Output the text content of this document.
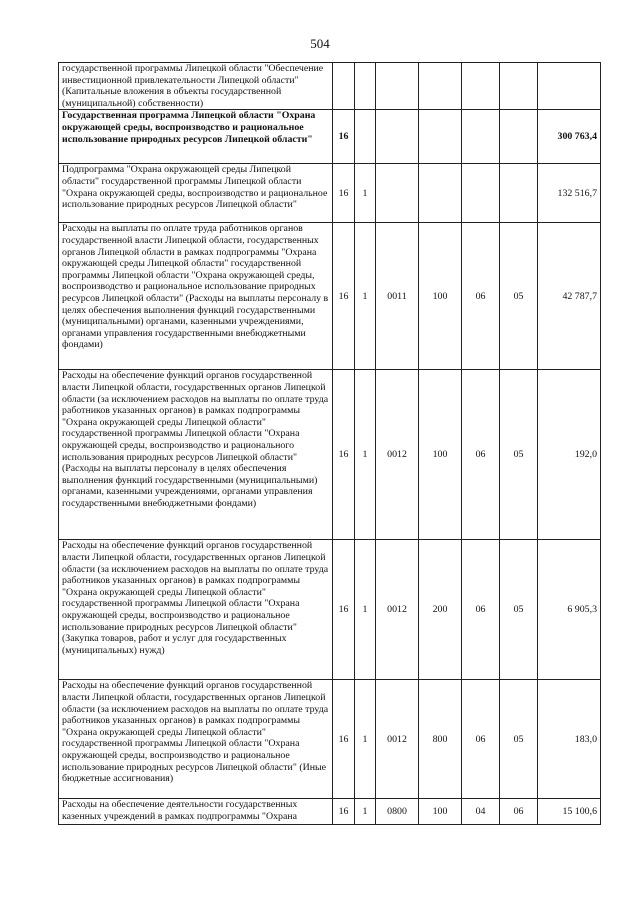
504
государственной программы Липецкой области "Обеспечение инвестиционной привлекательности Липецкой области" (Капитальные вложения в объекты государственной (муниципальной) собственности)							
Государственная программа Липецкой области "Охрана окружающей среды, воспроизводство и рациональное использование природных ресурсов Липецкой области"	16						300 763,4
Подпрограмма "Охрана окружающей среды Липецкой области" государственной программы Липецкой области "Охрана окружающей среды, воспроизводство и рациональное использование природных ресурсов Липецкой области"	16	1					132 516,7
Расходы на выплаты по оплате труда работников органов государственной власти Липецкой области, государственных органов Липецкой области в рамках подпрограммы "Охрана окружающей среды Липецкой области" государственной программы Липецкой области "Охрана окружающей среды, воспроизводство и рациональное использование природных ресурсов Липецкой области" (Расходы на выплаты персоналу в целях обеспечения выполнения функций государственными (муниципальными) органами, казенными учреждениями, органами управления государственными внебюджетными фондами)	16	1	0011	100	06	05	42 787,7
Расходы на обеспечение функций органов государственной власти Липецкой области, государственных органов Липецкой области (за исключением расходов на выплаты по оплате труда работников указанных органов) в рамках подпрограммы "Охрана окружающей среды Липецкой области" государственной программы Липецкой области "Охрана окружающей среды, воспроизводство и рационального использования природных ресурсов Липецкой области" (Расходы на выплаты персоналу в целях обеспечения выполнения функций государственными (муниципальными) органами, казенными учреждениями, органами управления государственными внебюджетными фондами)	16	1	0012	100	06	05	192,0
Расходы на обеспечение функций органов государственной власти Липецкой области, государственных органов Липецкой области (за исключением расходов на выплаты по оплате труда работников указанных органов) в рамках подпрограммы "Охрана окружающей среды Липецкой области" государственной программы Липецкой области "Охрана окружающей среды, воспроизводство и рациональное использование природных ресурсов Липецкой области" (Закупка товаров, работ и услуг для государственных (муниципальных) нужд)	16	1	0012	200	06	05	6 905,3
Расходы на обеспечение функций органов государственной власти Липецкой области, государственных органов Липецкой области (за исключением расходов на выплаты по оплате труда работников указанных органов) в рамках подпрограммы "Охрана окружающей среды Липецкой области" государственной программы Липецкой области "Охрана окружающей среды, воспроизводство и рациональное использование природных ресурсов Липецкой области" (Иные бюджетные ассигнования)	16	1	0012	800	06	05	183,0
Расходы на обеспечение деятельности государственных казенных учреждений в рамках подпрограммы "Охрана	16	1	0800	100	04	06	15 100,6
